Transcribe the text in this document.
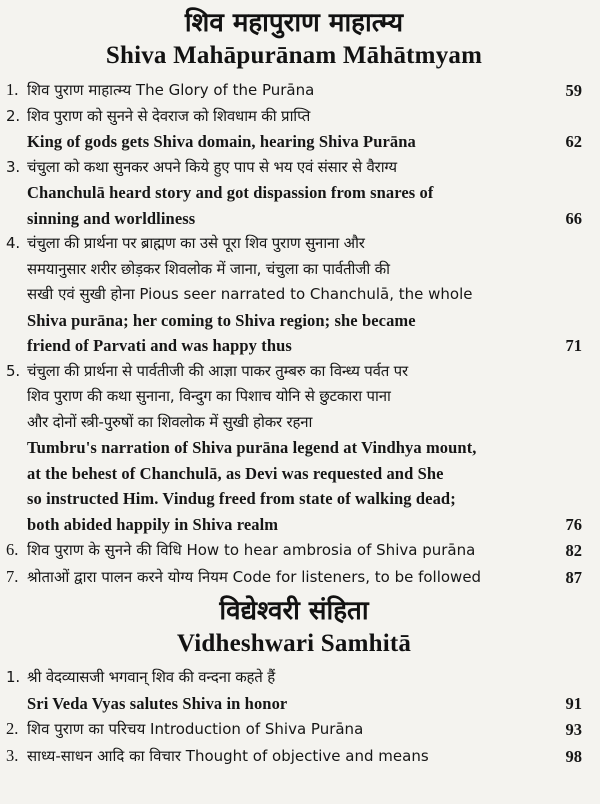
शिव महापुराण माहात्म्य
Shiva Mahāpurānam Māhātmyam
1. शिव पुराण माहात्म्य The Glory of the Purāna	59
2. शिव पुराण को सुनने से देवराज को शिवधाम की प्राप्ति
King of gods gets Shiva domain, hearing Shiva Purāna	62
3. चंचुला को कथा सुनकर अपने किये हुए पाप से भय एवं संसार से वैराग्य
Chanchulā heard story and got dispassion from snares of
sinning and worldliness	66
4. चंचुला की प्रार्थना पर ब्राह्मण का उसे पूरा शिव पुराण सुनाना और
समयानुसार शरीर छोड़कर शिवलोक में जाना, चंचुला का पार्वतीजी की
सखी एवं सुखी होना Pious seer narrated to Chanchulā, the whole
Shiva purāna; her coming to Shiva region; she became
friend of Parvati and was happy thus	71
5. चंचुला की प्रार्थना से पार्वतीजी की आज्ञा पाकर तुम्बरु का विन्ध्य पर्वत पर
शिव पुराण की कथा सुनाना, विन्दुग का पिशाच योनि से छुटकारा पाना
और दोनों स्त्री-पुरुषों का शिवलोक में सुखी होकर रहना
Tumbru's narration of Shiva purāna legend at Vindhya mount,
at the behest of Chanchulā, as Devi was requested and She
so instructed Him. Vindug freed from state of walking dead;
both abided happily in Shiva realm	76
6. शिव पुराण के सुनने की विधि How to hear ambrosia of Shiva purāna	82
7. श्रोताओं द्वारा पालन करने योग्य नियम Code for listeners, to be followed	87
विद्येश्वरी संहिता
Vidheshwari Samhitā
1. श्री वेदव्यासजी भगवान् शिव की वन्दना कहते हैं
Sri Veda Vyas salutes Shiva in honor	91
2. शिव पुराण का परिचय Introduction of Shiva Purāna	93
3. साध्य-साधन आदि का विचार Thought of objective and means	98
